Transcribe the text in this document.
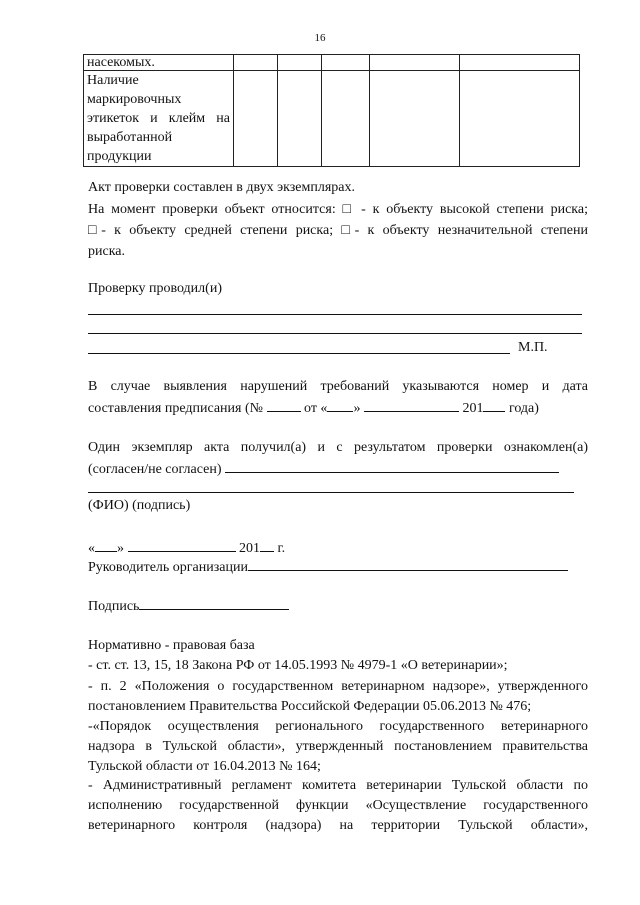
16
насекомых.					

Наличие
маркировочных
этикеток и клейм на
выработанной
продукции					

Акт проверки составлен в двух экземплярах.
На момент проверки объект относится: □ - к объекту высокой степени риска;
□- к объекту средней степени риска; □- к объекту незначительной степени
риска.
Проверку проводил(и)
М.П.
В случае выявления нарушений требований указываются номер и дата
составления предписания (№	от « »	201 года)
Один экземпляр акта получил(а) и с результатом проверки ознакомлен(а)
(согласен/не согласен)
(ФИО) (подпись)
« »	201 г.
Руководитель организации
Подпись
Нормативно - правовая база
- ст. ст. 13, 15, 18 Закона РФ от 14.05.1993 № 4979-1 «О ветеринарии»;
- п. 2 «Положения о государственном ветеринарном надзоре», утвержденного
постановлением Правительства Российской Федерации 05.06.2013 № 476;
-«Порядок осуществления регионального государственного ветеринарного
надзора в Тульской области», утвержденный постановлением правительства
Тульской области от 16.04.2013 № 164;
- Административный регламент комитета ветеринарии Тульской области по
исполнению государственной функции «Осуществление государственного
ветеринарного контроля (надзора) на территории Тульской области»,
